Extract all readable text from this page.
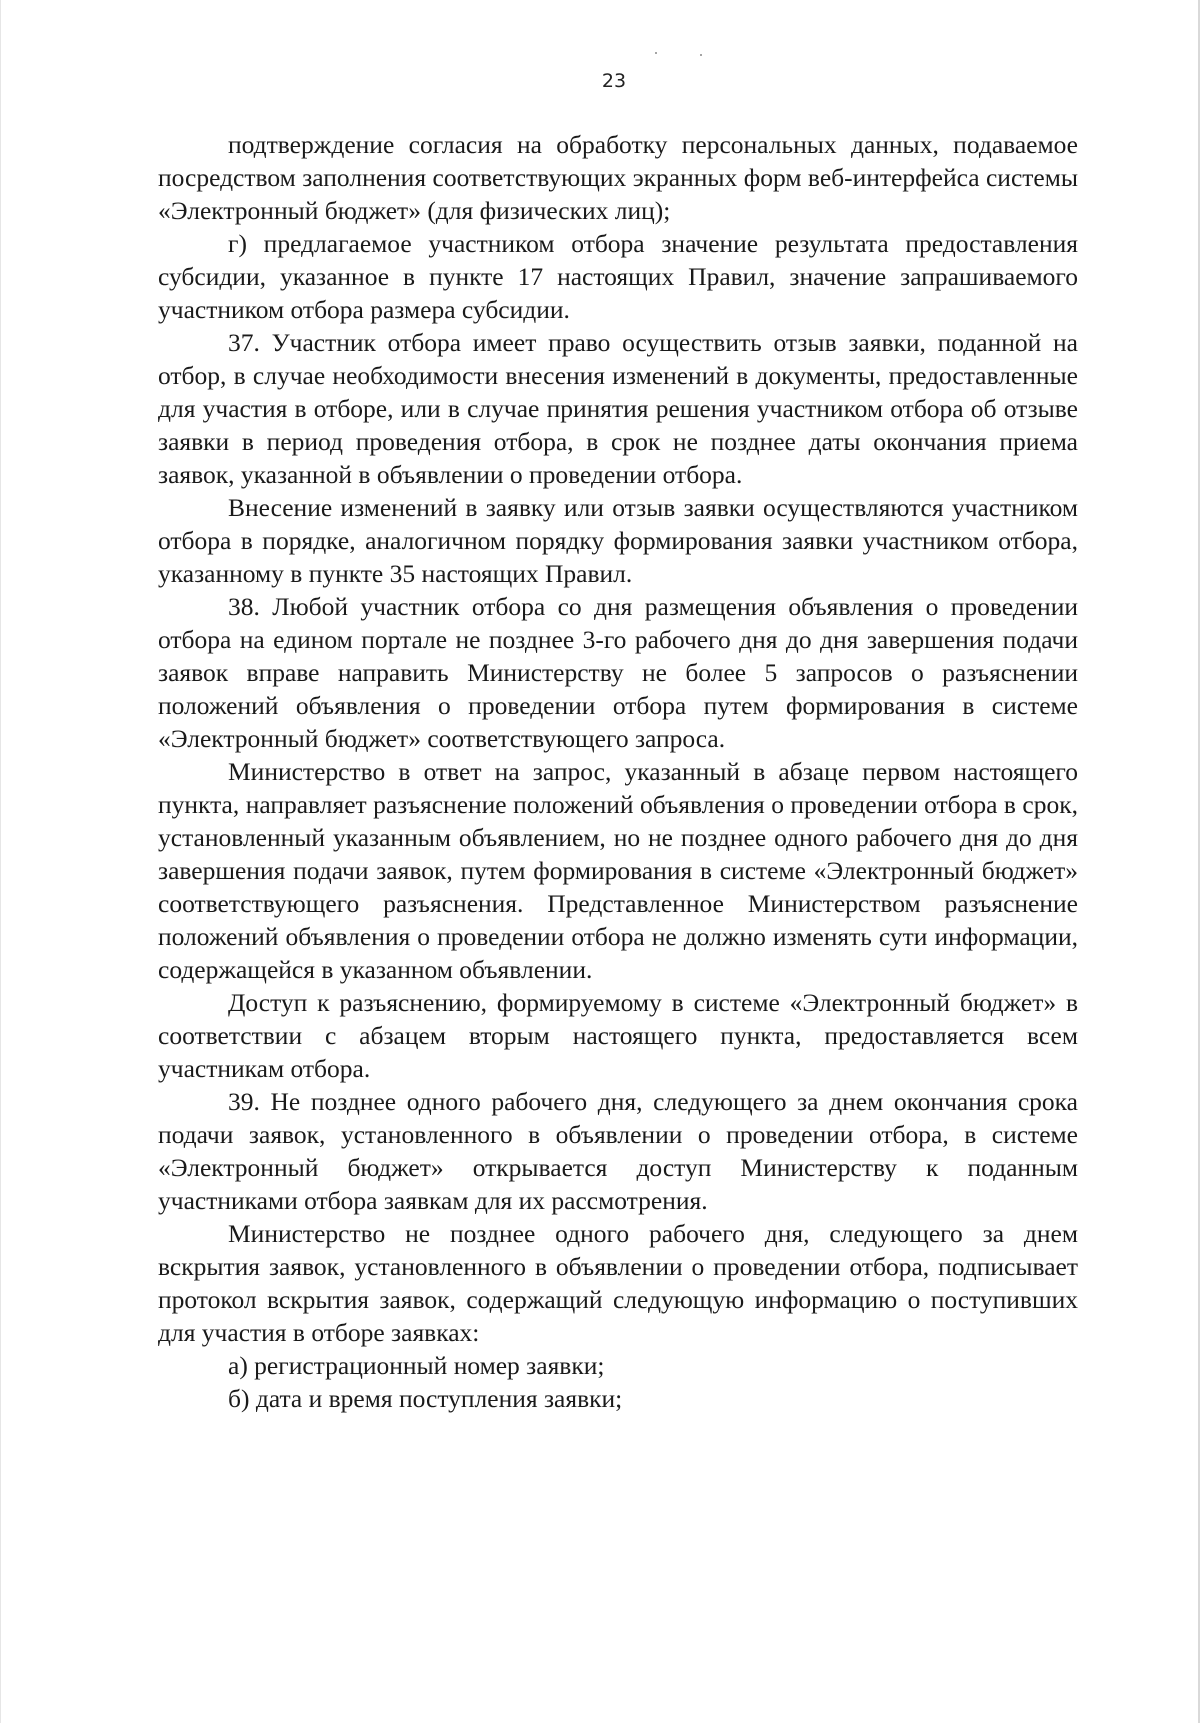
23

подтверждение согласия на обработку персональных данных, подаваемое посредством заполнения соответствующих экранных форм веб-интерфейса системы «Электронный бюджет» (для физических лиц);

г) предлагаемое участником отбора значение результата предоставления субсидии, указанное в пункте 17 настоящих Правил, значение запрашиваемого участником отбора размера субсидии.

37. Участник отбора имеет право осуществить отзыв заявки, поданной на отбор, в случае необходимости внесения изменений в документы, предоставленные для участия в отборе, или в случае принятия решения участником отбора об отзыве заявки в период проведения отбора, в срок не позднее даты окончания приема заявок, указанной в объявлении о проведении отбора.

Внесение изменений в заявку или отзыв заявки осуществляются участником отбора в порядке, аналогичном порядку формирования заявки участником отбора, указанному в пункте 35 настоящих Правил.

38. Любой участник отбора со дня размещения объявления о проведении отбора на едином портале не позднее 3-го рабочего дня до дня завершения подачи заявок вправе направить Министерству не более 5 запросов о разъяснении положений объявления о проведении отбора путем формирования в системе «Электронный бюджет» соответствующего запроса.

Министерство в ответ на запрос, указанный в абзаце первом настоящего пункта, направляет разъяснение положений объявления о проведении отбора в срок, установленный указанным объявлением, но не позднее одного рабочего дня до дня завершения подачи заявок, путем формирования в системе «Электронный бюджет» соответствующего разъяснения. Представленное Министерством разъяснение положений объявления о проведении отбора не должно изменять сути информации, содержащейся в указанном объявлении.

Доступ к разъяснению, формируемому в системе «Электронный бюджет» в соответствии с абзацем вторым настоящего пункта, предоставляется всем участникам отбора.

39. Не позднее одного рабочего дня, следующего за днем окончания срока подачи заявок, установленного в объявлении о проведении отбора, в системе «Электронный бюджет» открывается доступ Министерству к поданным участниками отбора заявкам для их рассмотрения.

Министерство не позднее одного рабочего дня, следующего за днем вскрытия заявок, установленного в объявлении о проведении отбора, подписывает протокол вскрытия заявок, содержащий следующую информацию о поступивших для участия в отборе заявках:

а) регистрационный номер заявки;

б) дата и время поступления заявки;
